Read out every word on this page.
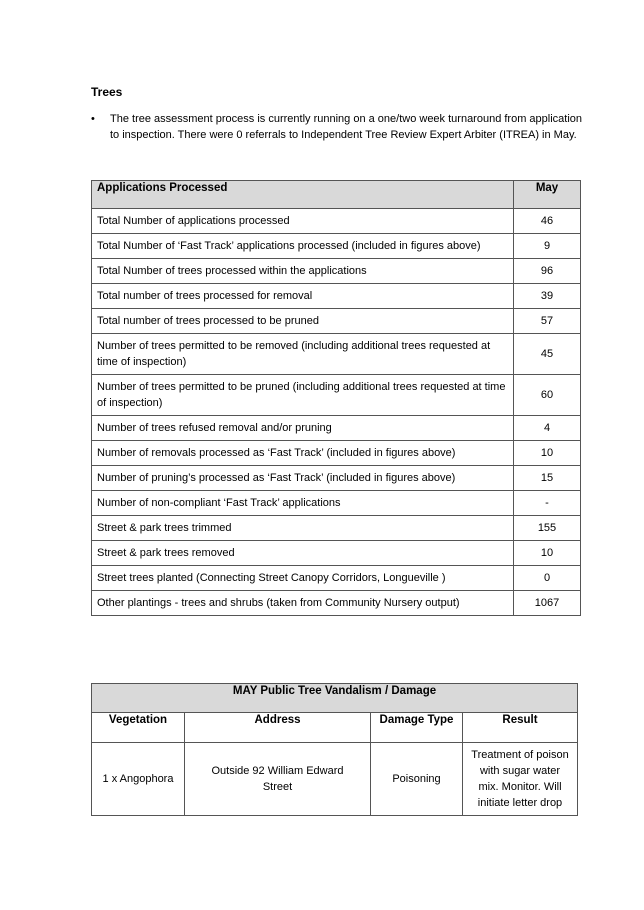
Trees
• The tree assessment process is currently running on a one/two week turnaround from application to inspection. There were 0 referrals to Independent Tree Review Expert Arbiter (ITREA) in May.
Applications Processed	May
Total Number of applications processed	46
Total Number of ‘Fast Track’ applications processed (included in figures above)	9
Total Number of trees processed within the applications	96
Total number of trees processed for removal	39
Total number of trees processed to be pruned	57
Number of trees permitted to be removed (including additional trees requested at time of inspection)	45
Number of trees permitted to be pruned (including additional trees requested at time of inspection)	60
Number of trees refused removal and/or pruning	4
Number of removals processed as ‘Fast Track’ (included in figures above)	10
Number of pruning’s processed as ‘Fast Track’ (included in figures above)	15
Number of non-compliant ‘Fast Track’ applications	-
Street & park trees trimmed	155
Street & park trees removed	10
Street trees planted (Connecting Street Canopy Corridors, Longueville )	0
Other plantings - trees and shrubs (taken from Community Nursery output)	1067
MAY Public Tree Vandalism / Damage			
Vegetation	Address	Damage Type	Result
1 x Angophora	Outside 92 William Edward Street	Poisoning	Treatment of poison with sugar water mix. Monitor. Will initiate letter drop
